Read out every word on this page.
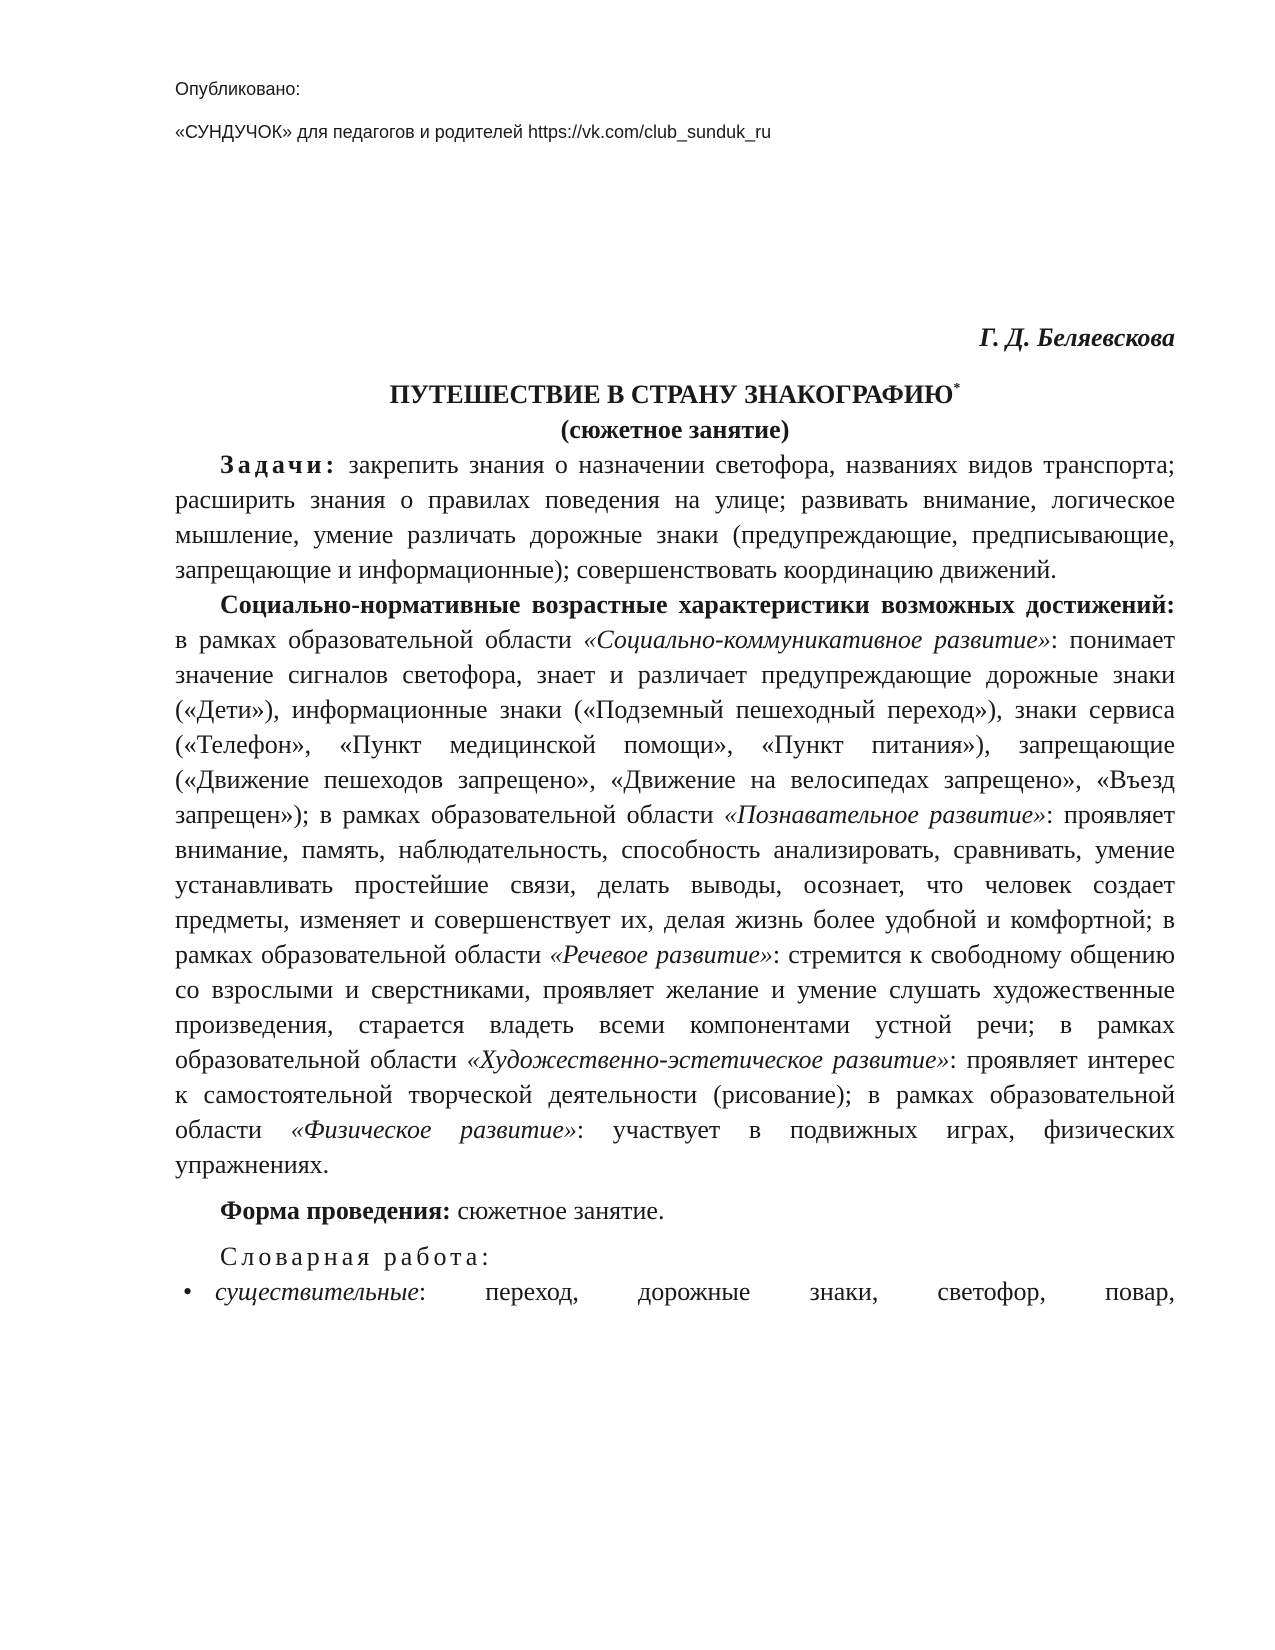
Опубликовано:
«СУНДУЧОК» для педагогов и родителей https://vk.com/club_sunduk_ru

Г. Д. Беляевскова

ПУТЕШЕСТВИЕ В СТРАНУ ЗНАКОГРАФИЮ*

(сюжетное занятие)

Задачи: закрепить знания о назначении светофора, названиях видов транспорта; расширить знания о правилах поведения на улице; развивать внимание, логическое мышление, умение различать дорожные знаки (предупреждающие, предписывающие, запрещающие и информационные); совершенствовать координацию движений.

Социально-нормативные возрастные характеристики возможных достижений: в рамках образовательной области «Социально-коммуникативное развитие»: понимает значение сигналов светофора, знает и различает предупреждающие дорожные знаки («Дети»), информационные знаки («Подземный пешеходный переход»), знаки сервиса («Телефон», «Пункт медицинской помощи», «Пункт питания»), запрещающие («Движение пешеходов запрещено», «Движение на велосипедах запрещено», «Въезд запрещен»); в рамках образовательной области «Познавательное развитие»: проявляет внимание, память, наблюдательность, способность анализировать, сравнивать, умение устанавливать простейшие связи, делать выводы, осознает, что человек создает предметы, изменяет и совершенствует их, делая жизнь более удобной и комфортной; в рамках образовательной области «Речевое развитие»: стремится к свободному общению со взрослыми и сверстниками, проявляет желание и умение слушать художественные произведения, старается владеть всеми компонентами устной речи; в рамках образовательной области «Художественно-эстетическое развитие»: проявляет интерес к самостоятельной творческой деятельности (рисование); в рамках образовательной области «Физическое развитие»: участвует в подвижных играх, физических упражнениях.

Форма проведения: сюжетное занятие.

Словарная работа:

• существительные: переход, дорожные знаки, светофор, повар,
